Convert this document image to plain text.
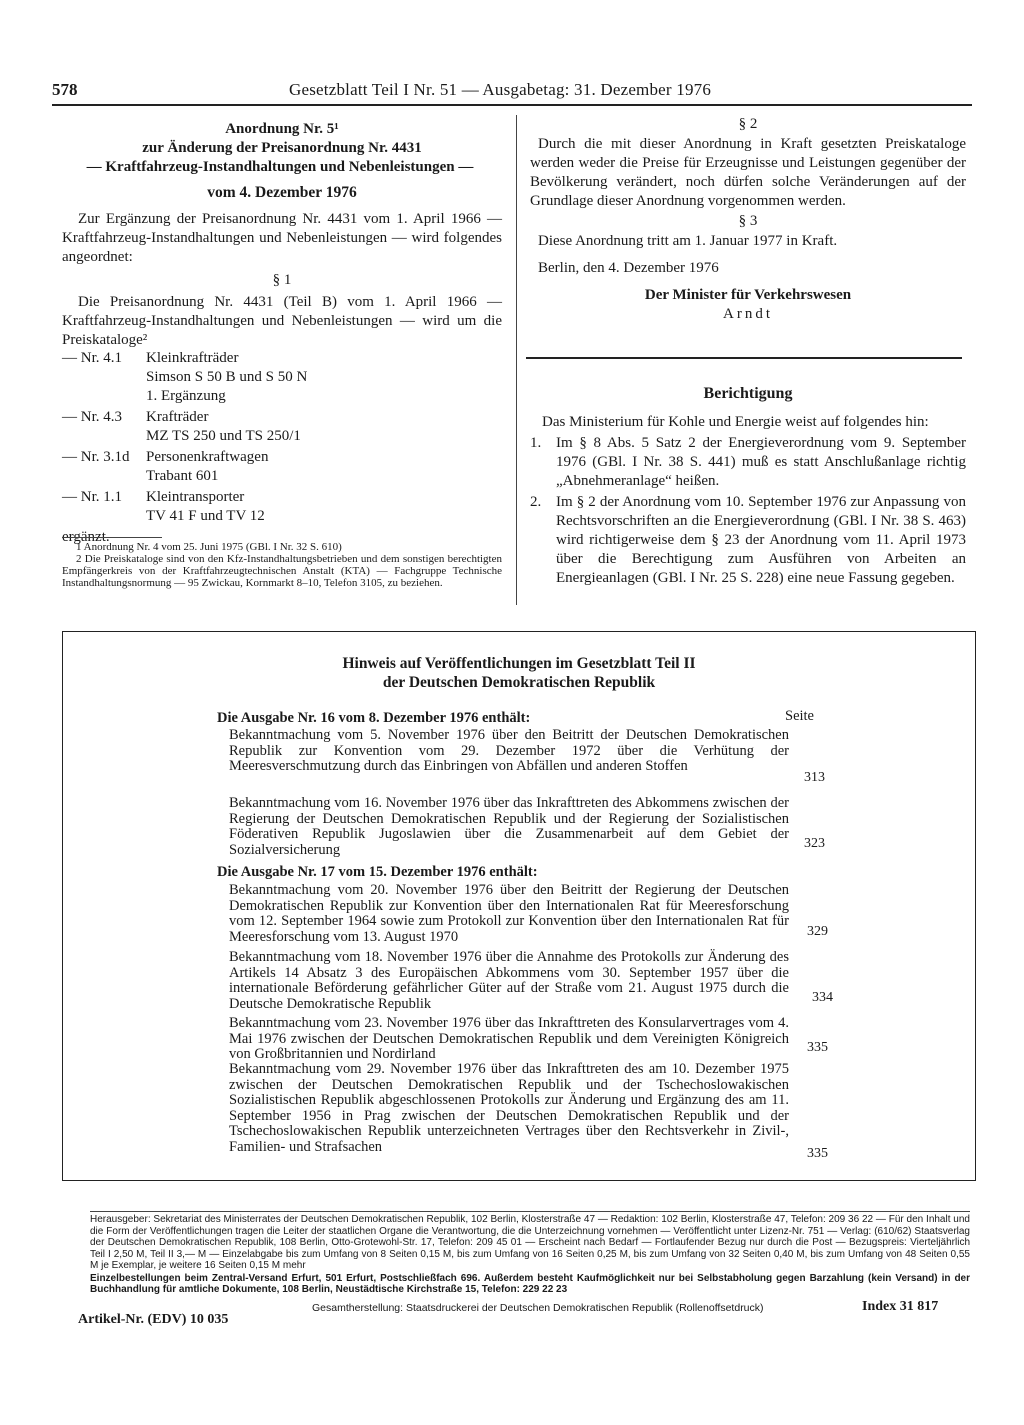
578	Gesetzblatt Teil I Nr. 51 — Ausgabetag: 31. Dezember 1976
Anordnung Nr. 5¹
zur Änderung der Preisanordnung Nr. 4431
— Kraftfahrzeug-Instandhaltungen und Nebenleistungen —
vom 4. Dezember 1976
Zur Ergänzung der Preisanordnung Nr. 4431 vom 1. April 1966 — Kraftfahrzeug-Instandhaltungen und Nebenleistungen — wird folgendes angeordnet:
§ 1
Die Preisanordnung Nr. 4431 (Teil B) vom 1. April 1966 — Kraftfahrzeug-Instandhaltungen und Nebenleistungen — wird um die Preiskataloge²
— Nr. 4.1	Kleinkrafträder
Simson S 50 B und S 50 N
1. Ergänzung
— Nr. 4.3	Krafträder
MZ TS 250 und TS 250/1
— Nr. 3.1d	Personenkraftwagen
Trabant 601
— Nr. 1.1	Kleintransporter
TV 41 F und TV 12
ergänzt.
1 Anordnung Nr. 4 vom 25. Juni 1975 (GBl. I Nr. 32 S. 610)
2 Die Preiskataloge sind von den Kfz-Instandhaltungsbetrieben und dem sonstigen berechtigten Empfängerkreis von der Kraftfahrzeugtechnischen Anstalt (KTA) — Fachgruppe Technische Instandhaltungsnormung — 95 Zwickau, Kornmarkt 8–10, Telefon 3105, zu beziehen.
§ 2
Durch die mit dieser Anordnung in Kraft gesetzten Preiskataloge werden weder die Preise für Erzeugnisse und Leistungen gegenüber der Bevölkerung verändert, noch dürfen solche Veränderungen auf der Grundlage dieser Anordnung vorgenommen werden.
§ 3
Diese Anordnung tritt am 1. Januar 1977 in Kraft.
Berlin, den 4. Dezember 1976
Der Minister für Verkehrswesen
Arndt
Berichtigung
Das Ministerium für Kohle und Energie weist auf folgendes hin:
1. Im § 8 Abs. 5 Satz 2 der Energieverordnung vom 9. September 1976 (GBl. I Nr. 38 S. 441) muß es statt Anschlußanlage richtig „Abnehmeranlage“ heißen.
2. Im § 2 der Anordnung vom 10. September 1976 zur Anpassung von Rechtsvorschriften an die Energieverordnung (GBl. I Nr. 38 S. 463) wird richtigerweise dem § 23 der Anordnung vom 11. April 1973 über die Berechtigung zum Ausführen von Arbeiten an Energieanlagen (GBl. I Nr. 25 S. 228) eine neue Fassung gegeben.
Hinweis auf Veröffentlichungen im Gesetzblatt Teil II
der Deutschen Demokratischen Republik
Die Ausgabe Nr. 16 vom 8. Dezember 1976 enthält:	Seite
Bekanntmachung vom 5. November 1976 über den Beitritt der Deutschen Demokratischen Republik zur Konvention vom 29. Dezember 1972 über die Verhütung der Meeresverschmutzung durch das Einbringen von Abfällen und anderen Stoffen
313
Bekanntmachung vom 16. November 1976 über das Inkrafttreten des Abkommens zwischen der Regierung der Deutschen Demokratischen Republik und der Regierung der Sozialistischen Föderativen Republik Jugoslawien über die Zusammenarbeit auf dem Gebiet der Sozialversicherung	323
Die Ausgabe Nr. 17 vom 15. Dezember 1976 enthält:
Bekanntmachung vom 20. November 1976 über den Beitritt der Regierung der Deutschen Demokratischen Republik zur Konvention über den Internationalen Rat für Meeresforschung vom 12. September 1964 sowie zum Protokoll zur Konvention über den Internationalen Rat für Meeresforschung vom 13. August 1970	329
Bekanntmachung vom 18. November 1976 über die Annahme des Protokolls zur Änderung des Artikels 14 Absatz 3 des Europäischen Abkommens vom 30. September 1957 über die internationale Beförderung gefährlicher Güter auf der Straße vom 21. August 1975 durch die Deutsche Demokratische Republik	334
Bekanntmachung vom 23. November 1976 über das Inkrafttreten des Konsularvertrages vom 4. Mai 1976 zwischen der Deutschen Demokratischen Republik und dem Vereinigten Königreich von Großbritannien und Nordirland	335
Bekanntmachung vom 29. November 1976 über das Inkrafttreten des am 10. Dezember 1975 zwischen der Deutschen Demokratischen Republik und der Tschechoslowakischen Sozialistischen Republik abgeschlossenen Protokolls zur Änderung und Ergänzung des am 11. September 1956 in Prag zwischen der Deutschen Demokratischen Republik und der Tschechoslowakischen Republik unterzeichneten Vertrages über den Rechtsverkehr in Zivil-, Familien- und Strafsachen	335
Herausgeber: Sekretariat des Ministerrates der Deutschen Demokratischen Republik, 102 Berlin, Klosterstraße 47 — Redaktion: 102 Berlin, Klosterstraße 47, Telefon: 209 36 22 — Für den Inhalt und die Form der Veröffentlichungen tragen die Leiter der staatlichen Organe die Verantwortung, die die Unterzeichnung vornehmen — Veröffentlicht unter Lizenz-Nr. 751 — Verlag: (610/62) Staatsverlag der Deutschen Demokratischen Republik, 108 Berlin, Otto-Grotewohl-Str. 17, Telefon: 209 45 01 — Erscheint nach Bedarf — Fortlaufender Bezug nur durch die Post — Bezugspreis: Vierteljährlich Teil I 2,50 M, Teil II 3,— M — Einzelabgabe bis zum Umfang von 8 Seiten 0,15 M, bis zum Umfang von 16 Seiten 0,25 M, bis zum Umfang von 32 Seiten 0,40 M, bis zum Umfang von 48 Seiten 0,55 M je Exemplar, je weitere 16 Seiten 0,15 M mehr
Einzelbestellungen beim Zentral-Versand Erfurt, 501 Erfurt, Postschließfach 696. Außerdem besteht Kaufmöglichkeit nur bei Selbstabholung gegen Barzahlung (kein Versand) in der Buchhandlung für amtliche Dokumente, 108 Berlin, Neustädtische Kirchstraße 15, Telefon: 229 22 23
Artikel-Nr. (EDV) 10 035
Gesamtherstellung: Staatsdruckerei der Deutschen Demokratischen Republik (Rollenoffsetdruck)	Index 31 817
